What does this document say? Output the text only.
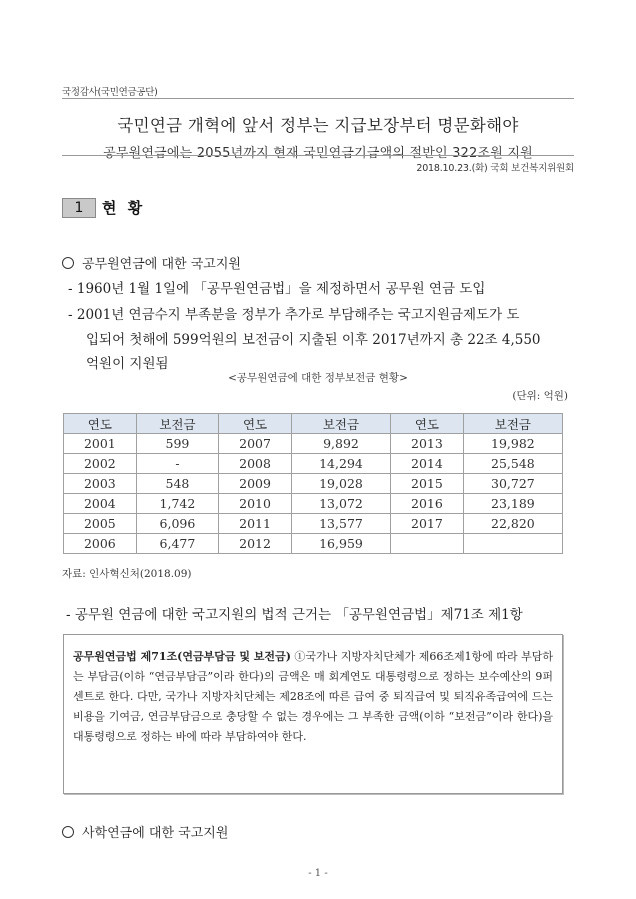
국정감사(국민연금공단)
국민연금 개혁에 앞서 정부는 지급보장부터 명문화해야
공무원연금에는 2055년까지 현재 국민연금기금액의 절반인 322조원 지원
2018.10.23.(화) 국회 보건복지위원회
1	현 황
공무원연금에 대한 국고지원
- 1960년 1월 1일에 「공무원연금법」을 제정하면서 공무원 연금 도입
- 2001년 연금수지 부족분을 정부가 추가로 부담해주는 국고지원금제도가 도
입되어 첫해에 599억원의 보전금이 지출된 이후 2017년까지 총 22조 4,550
억원이 지원됨
<공무원연금에 대한 정부보전금 현황>
(단위: 억원)
연도	보전금	연도	보전금	연도	보전금
2001	599	2007	9,892	2013	19,982
2002	-	2008	14,294	2014	25,548
2003	548	2009	19,028	2015	30,727
2004	1,742	2010	13,072	2016	23,189
2005	6,096	2011	13,577	2017	22,820
2006	6,477	2012	16,959		
자료: 인사혁신처(2018.09)
- 공무원 연금에 대한 국고지원의 법적 근거는 「공무원연금법」제71조 제1항
공무원연금법 제71조(연금부담금 및 보전금) ①국가나 지방자치단체가 제66조제1항에 따라 부담하는 부담금(이하 “연금부담금”이라 한다)의 금액은 매 회계연도 대통령령으로 정하는 보수예산의 9퍼센트로 한다. 다만, 국가나 지방자치단체는 제28조에 따른 급여 중 퇴직급여 및 퇴직유족급여에 드는 비용을 기여금, 연금부담금으로 충당할 수 없는 경우에는 그 부족한 금액(이하 “보전금”이라 한다)을 대통령령으로 정하는 바에 따라 부담하여야 한다.
사학연금에 대한 국고지원
- 1 -
